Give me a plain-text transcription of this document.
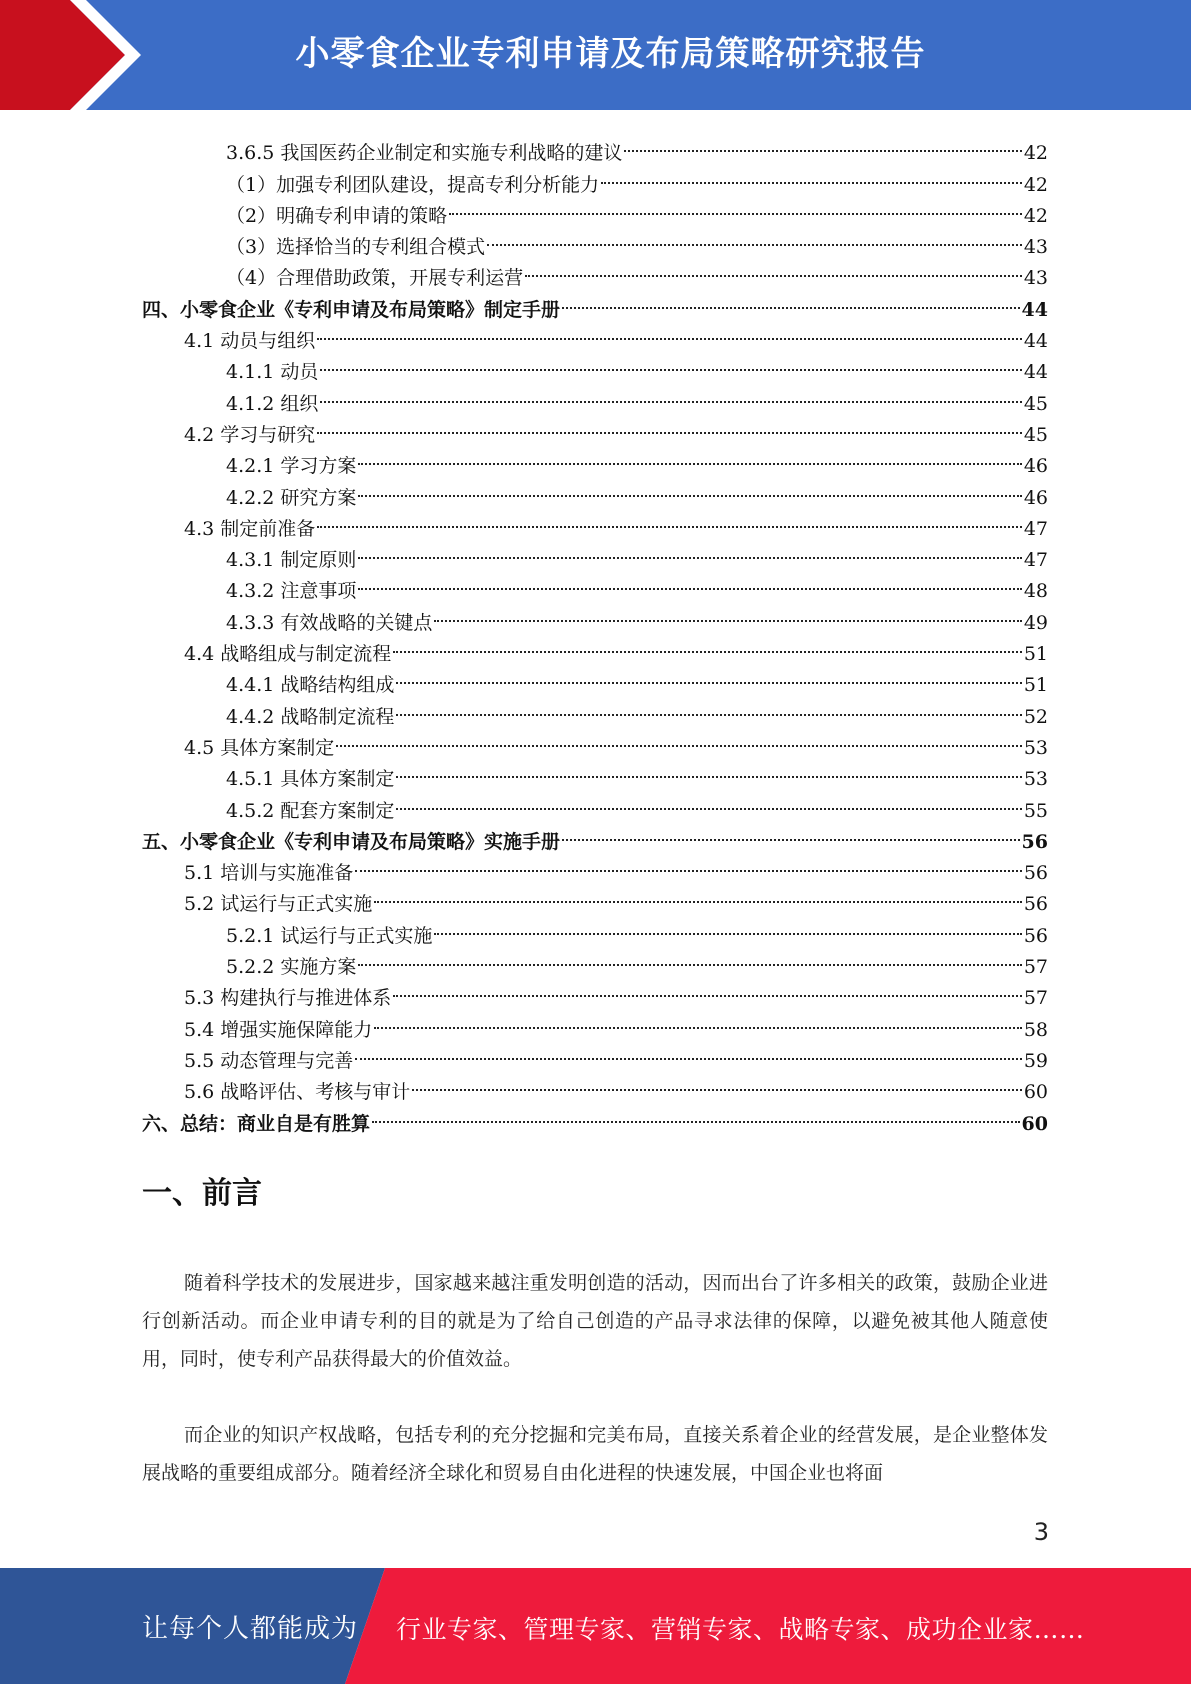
小零食企业专利申请及布局策略研究报告
3.6.5 我国医药企业制定和实施专利战略的建议	42
（1）加强专利团队建设，提高专利分析能力	42
（2）明确专利申请的策略	42
（3）选择恰当的专利组合模式	43
（4）合理借助政策，开展专利运营	43
四、小零食企业《专利申请及布局策略》制定手册	44
4.1 动员与组织	44
4.1.1 动员	44
4.1.2 组织	45
4.2 学习与研究	45
4.2.1 学习方案	46
4.2.2 研究方案	46
4.3 制定前准备	47
4.3.1 制定原则	47
4.3.2 注意事项	48
4.3.3 有效战略的关键点	49
4.4 战略组成与制定流程	51
4.4.1 战略结构组成	51
4.4.2 战略制定流程	52
4.5 具体方案制定	53
4.5.1 具体方案制定	53
4.5.2 配套方案制定	55
五、小零食企业《专利申请及布局策略》实施手册	56
5.1 培训与实施准备	56
5.2 试运行与正式实施	56
5.2.1 试运行与正式实施	56
5.2.2 实施方案	57
5.3 构建执行与推进体系	57
5.4 增强实施保障能力	58
5.5 动态管理与完善	59
5.6 战略评估、考核与审计	60
六、总结：商业自是有胜算	60
一、前言
随着科学技术的发展进步，国家越来越注重发明创造的活动，因而出台了许多相关的政策，鼓励企业进行创新活动。而企业申请专利的目的就是为了给自己创造的产品寻求法律的保障，以避免被其他人随意使用，同时，使专利产品获得最大的价值效益。
而企业的知识产权战略，包括专利的充分挖掘和完美布局，直接关系着企业的经营发展，是企业整体发展战略的重要组成部分。随着经济全球化和贸易自由化进程的快速发展，中国企业也将面
3
让每个人都能成为 行业专家、管理专家、营销专家、战略专家、成功企业家……
